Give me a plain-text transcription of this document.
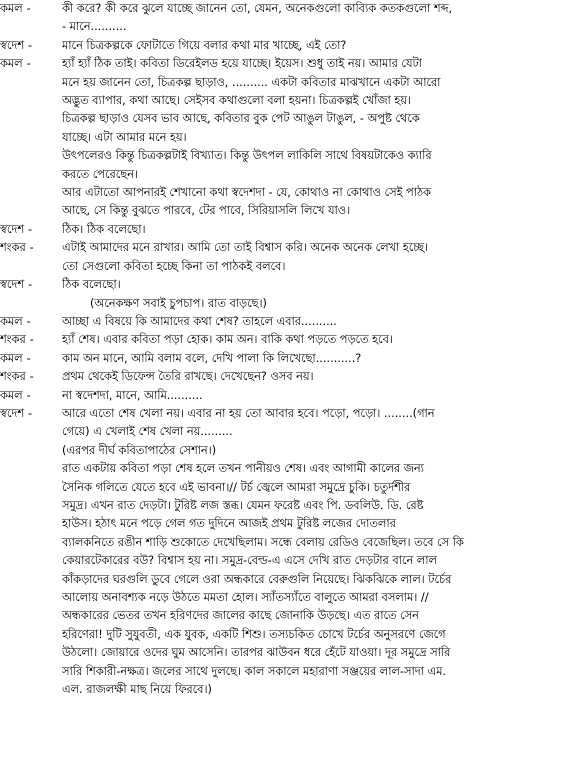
কমল -	কী করে? কী করে ঝুলে যাচ্ছে জানেন তো, যেমন, অনেকগুলো কাব্যিক কতকগুলো শব্দ,
- মানে..........
স্বদেশ -	মানে চিত্রকল্পকে ফোটাতে গিয়ে বলার কথা মার খাচ্ছে, এই তো?
কমল -	হ্যাঁ হ্যাঁ ঠিক তাই। কবিতা ডিরেইলড হয়ে যাচ্ছে। ইয়েস। শুধু তাই নয়। আমার যেটা
মনে হয় জানেন তো, চিত্রকল্প ছাড়াও, .......... একটা কবিতার মাঝখানে একটা আরো
অদ্ভুত ব্যাপার, কথা আছে। সেইসব কথাগুলো বলা হয়না। চিত্রকল্পই খোঁজা হয়।
চিত্রকল্প ছাড়াও যেসব ভাব আছে, কবিতার বুক পেট আঙুল টাঙুল, - অপুষ্ট থেকে
যাচ্ছে। এটা আমার মনে হয়।
উৎপলেরও কিন্তু চিত্রকল্পটাই বিখ্যাত। কিন্তু উৎপল লাকিলি সাথে বিষয়টাকেও ক্যারি
করতে পেরেছেন।
আর এটাতো আপনারই শেখানো কথা স্বদেশদা - যে, কোথাও না কোথাও সেই পাঠক
আছে, সে কিন্তু বুঝতে পারবে, টের পাবে, সিরিয়াসলি লিখে যাও।
স্বদেশ -	ঠিক। ঠিক বলেছো।
শংকর -	এটাই আমাদের মনে রাখার। আমি তো তাই বিশ্বাস করি। অনেক অনেক লেখা হচ্ছে।
তো সেগুলো কবিতা হচ্ছে কিনা তা পাঠকই বলবে।
স্বদেশ -	ঠিক বলেছো।
(অনেকক্ষণ সবাই চুপচাপ। রাত বাড়ছে।)
কমল -	আচ্ছা এ বিষয়ে কি আমাদের কথা শেষ? তাহলে এবার..........
শংকর -	হ্যাঁ শেষ। এবার কবিতা পড়া হোক। কাম অন। বাকি কথা পড়তে পড়তে হবে।
কমল -	কাম অন মানে, আমি বলাম বলে, দেখি পালা কি লিখেছো...........?
শংকর -	প্রথম থেকেই ডিফেন্স তৈরি রাখছে। দেখেছেন? ওসব নয়।
কমল -	না স্বদেশদা, মানে, আমি..........
স্বদেশ -	আরে এতো শেষ খেলা নয়। এবার না হয় তো আবার হবে। পড়ো, পড়ো। ........(গান
গেয়ে) এ খেলাই শেষ খেলা নয়.........
(এরপর দীর্ঘ কবিতাপাঠের সেশান।)
রাত একটায় কবিতা পড়া শেষ হলে তখন পানীয়ও শেষ। এবং আগামী কালের জন্য
সৈনিক গলিতে যেতে হবে এই ভাবনা।// টর্চ জ্বেলে আমরা সমুদ্রে চুকি। চতুর্দশীর
সমুদ্র। এখন রাত দেড়টা। টুরিষ্ট লজ স্তব্ধ। যেমন ফরেষ্ট এবং পি. ডবলিউ. ডি. রেষ্ট
হাউস। হঠাৎ মনে পড়ে গেল গত দুদিনে আজই প্রথম টুরিষ্ট লজের দোতলার
ব্যালকনিতে রঙীন শাড়ি শুকোতে দেখেছিলাম। সন্ধে বেলায় রেডিও বেজেছিল। তবে সে কি
কেয়ারটেকারের বউ? বিশ্বাস হয় না। সমুদ্র-বেল্ড-এ এসে দেখি রাত দেড়টার বানে লাল
কাঁকড়াদের ঘরগুলি ডুবে গেলে ওরা অন্ধকারে বেরুগুলি নিয়েছে। ঝিকঝিকে লাল। টর্চের
আলোয় অনাবশ্যক নড়ে উঠতে মমতা হোল। স্যাঁতস্যাঁতে বালুতে আমরা বসলাম। //
অন্ধকারের ভেতর তখন হরিণদের জালের কাছে জোনাকি উড়ছে। এত রাতে সেন
হরিণেরা! দুটি সুযুবতী, এক যুবক, একটি শিশু। তস্যচকিত চোখে টর্চের অনুসরণে জেগে
উঠলো। জোয়ারে ওদের ঘুম আসেনি। তারপর ঝাউবন ধরে হেঁটে যাওয়া। দূর সমুদ্রে সারি
সারি শিকারী-নক্ষত্র। জলের সাথে দুলছে। কাল সকালে মহারাণা সঞ্জয়ের লাল-সাদা এম.
এল. রাজলক্ষী মাছ নিয়ে ফিরবে।)
